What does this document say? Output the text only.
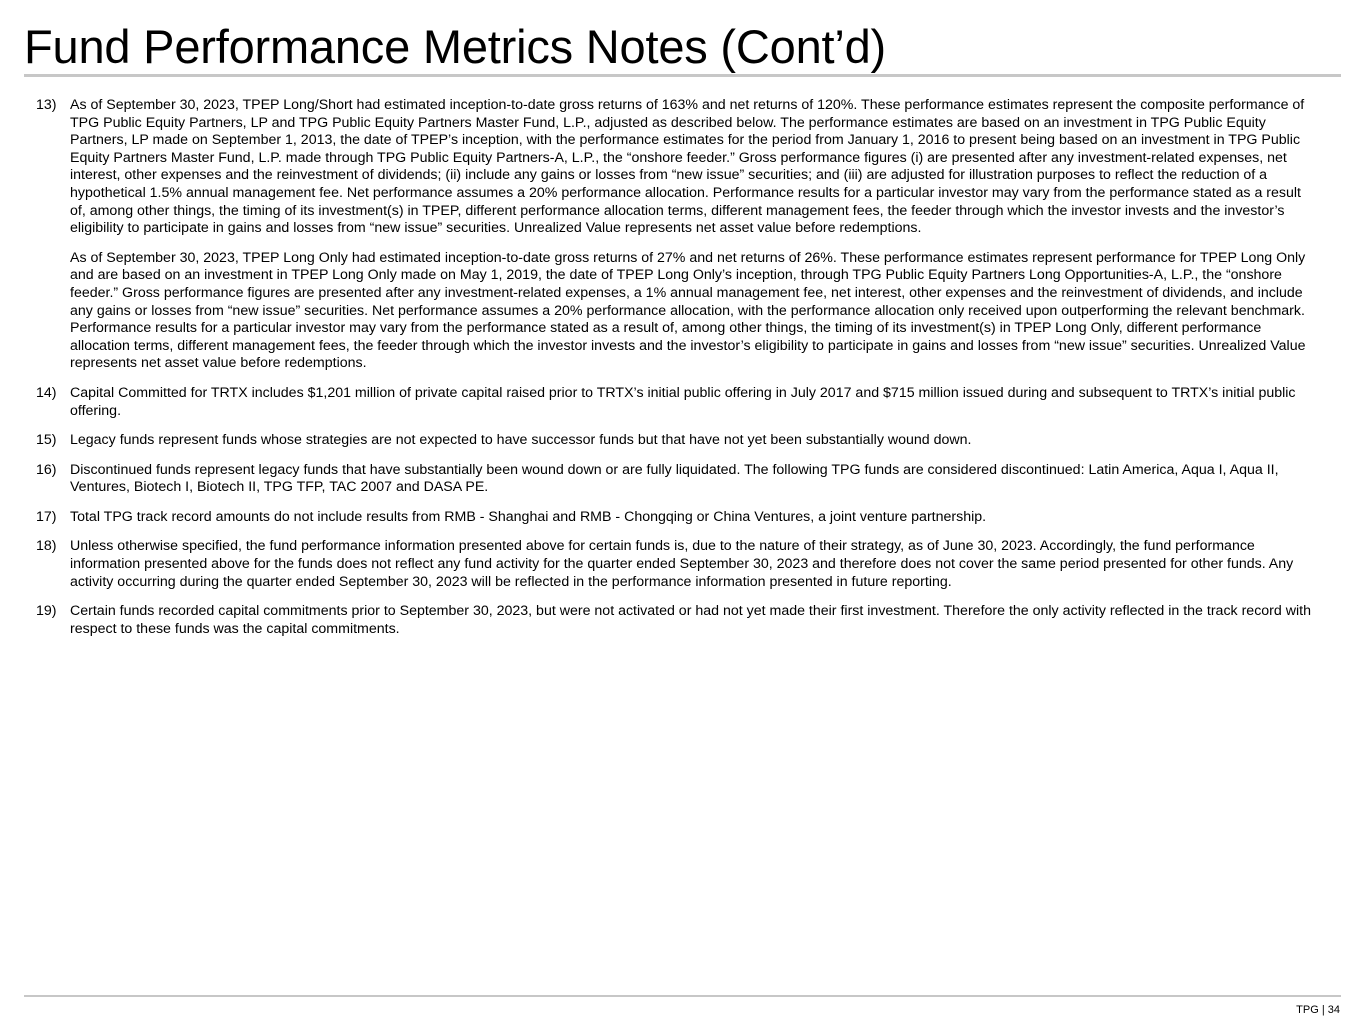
Fund Performance Metrics Notes (Cont’d)
13) As of September 30, 2023, TPEP Long/Short had estimated inception-to-date gross returns of 163% and net returns of 120%. These performance estimates represent the composite performance of TPG Public Equity Partners, LP and TPG Public Equity Partners Master Fund, L.P., adjusted as described below. The performance estimates are based on an investment in TPG Public Equity Partners, LP made on September 1, 2013, the date of TPEP’s inception, with the performance estimates for the period from January 1, 2016 to present being based on an investment in TPG Public Equity Partners Master Fund, L.P. made through TPG Public Equity Partners-A, L.P., the “onshore feeder.” Gross performance figures (i) are presented after any investment-related expenses, net interest, other expenses and the reinvestment of dividends; (ii) include any gains or losses from “new issue” securities; and (iii) are adjusted for illustration purposes to reflect the reduction of a hypothetical 1.5% annual management fee. Net performance assumes a 20% performance allocation. Performance results for a particular investor may vary from the performance stated as a result of, among other things, the timing of its investment(s) in TPEP, different performance allocation terms, different management fees, the feeder through which the investor invests and the investor’s eligibility to participate in gains and losses from “new issue” securities. Unrealized Value represents net asset value before redemptions.

As of September 30, 2023, TPEP Long Only had estimated inception-to-date gross returns of 27% and net returns of 26%. These performance estimates represent performance for TPEP Long Only and are based on an investment in TPEP Long Only made on May 1, 2019, the date of TPEP Long Only’s inception, through TPG Public Equity Partners Long Opportunities-A, L.P., the “onshore feeder.” Gross performance figures are presented after any investment-related expenses, a 1% annual management fee, net interest, other expenses and the reinvestment of dividends, and include any gains or losses from “new issue” securities. Net performance assumes a 20% performance allocation, with the performance allocation only received upon outperforming the relevant benchmark. Performance results for a particular investor may vary from the performance stated as a result of, among other things, the timing of its investment(s) in TPEP Long Only, different performance allocation terms, different management fees, the feeder through which the investor invests and the investor’s eligibility to participate in gains and losses from “new issue” securities. Unrealized Value represents net asset value before redemptions.

14) Capital Committed for TRTX includes $1,201 million of private capital raised prior to TRTX’s initial public offering in July 2017 and $715 million issued during and subsequent to TRTX’s initial public offering.

15) Legacy funds represent funds whose strategies are not expected to have successor funds but that have not yet been substantially wound down.

16) Discontinued funds represent legacy funds that have substantially been wound down or are fully liquidated. The following TPG funds are considered discontinued: Latin America, Aqua I, Aqua II, Ventures, Biotech I, Biotech II, TPG TFP, TAC 2007 and DASA PE.

17) Total TPG track record amounts do not include results from RMB - Shanghai and RMB - Chongqing or China Ventures, a joint venture partnership.

18) Unless otherwise specified, the fund performance information presented above for certain funds is, due to the nature of their strategy, as of June 30, 2023. Accordingly, the fund performance information presented above for the funds does not reflect any fund activity for the quarter ended September 30, 2023 and therefore does not cover the same period presented for other funds. Any activity occurring during the quarter ended September 30, 2023 will be reflected in the performance information presented in future reporting.

19) Certain funds recorded capital commitments prior to September 30, 2023, but were not activated or had not yet made their first investment. Therefore the only activity reflected in the track record with respect to these funds was the capital commitments.

TPG | 34
